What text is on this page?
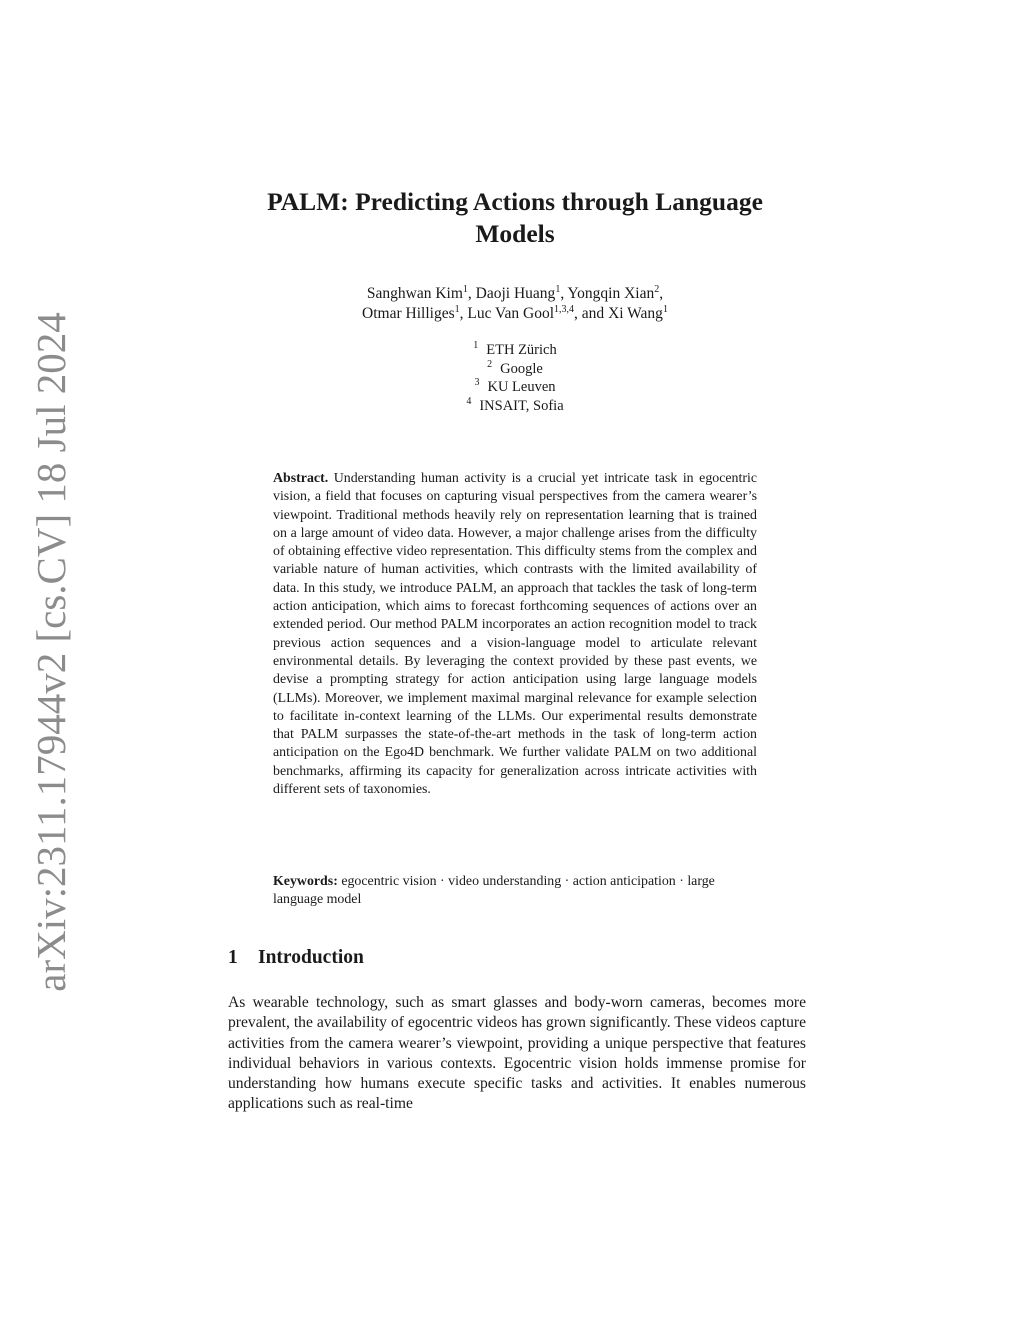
arXiv:2311.17944v2 [cs.CV] 18 Jul 2024
PALM: Predicting Actions through Language Models
Sanghwan Kim$^1$, Daoji Huang$^1$, Yongqin Xian$^2$,
Otmar Hilliges$^1$, Luc Van Gool$^{1,3,4}$, and Xi Wang$^1$
$^1$ ETH Zürich
$^2$ Google
$^3$ KU Leuven
$^4$ INSAIT, Sofia
Abstract. Understanding human activity is a crucial yet intricate task in egocentric vision, a field that focuses on capturing visual perspectives from the camera wearer’s viewpoint. Traditional methods heavily rely on representation learning that is trained on a large amount of video data. However, a major challenge arises from the difficulty of obtaining effective video representation. This difficulty stems from the complex and variable nature of human activities, which contrasts with the limited availability of data. In this study, we introduce PALM, an approach that tackles the task of long-term action anticipation, which aims to forecast forthcoming sequences of actions over an extended period. Our method PALM incorporates an action recognition model to track previous action sequences and a vision-language model to articulate relevant environmental details. By leveraging the context provided by these past events, we devise a prompting strategy for action anticipation using large language models (LLMs). Moreover, we implement maximal marginal relevance for example selection to facilitate in-context learning of the LLMs. Our experimental results demonstrate that PALM surpasses the state-of-the-art methods in the task of long-term action anticipation on the Ego4D benchmark. We further validate PALM on two additional benchmarks, affirming its capacity for generalization across intricate activities with different sets of taxonomies.
Keywords: egocentric vision · video understanding · action anticipation · large language model
1 Introduction

As wearable technology, such as smart glasses and body-worn cameras, becomes more prevalent, the availability of egocentric videos has grown significantly. These videos capture activities from the camera wearer’s viewpoint, providing a unique perspective that features individual behaviors in various contexts. Egocentric vision holds immense promise for understanding how humans execute specific tasks and activities. It enables numerous applications such as real-time
